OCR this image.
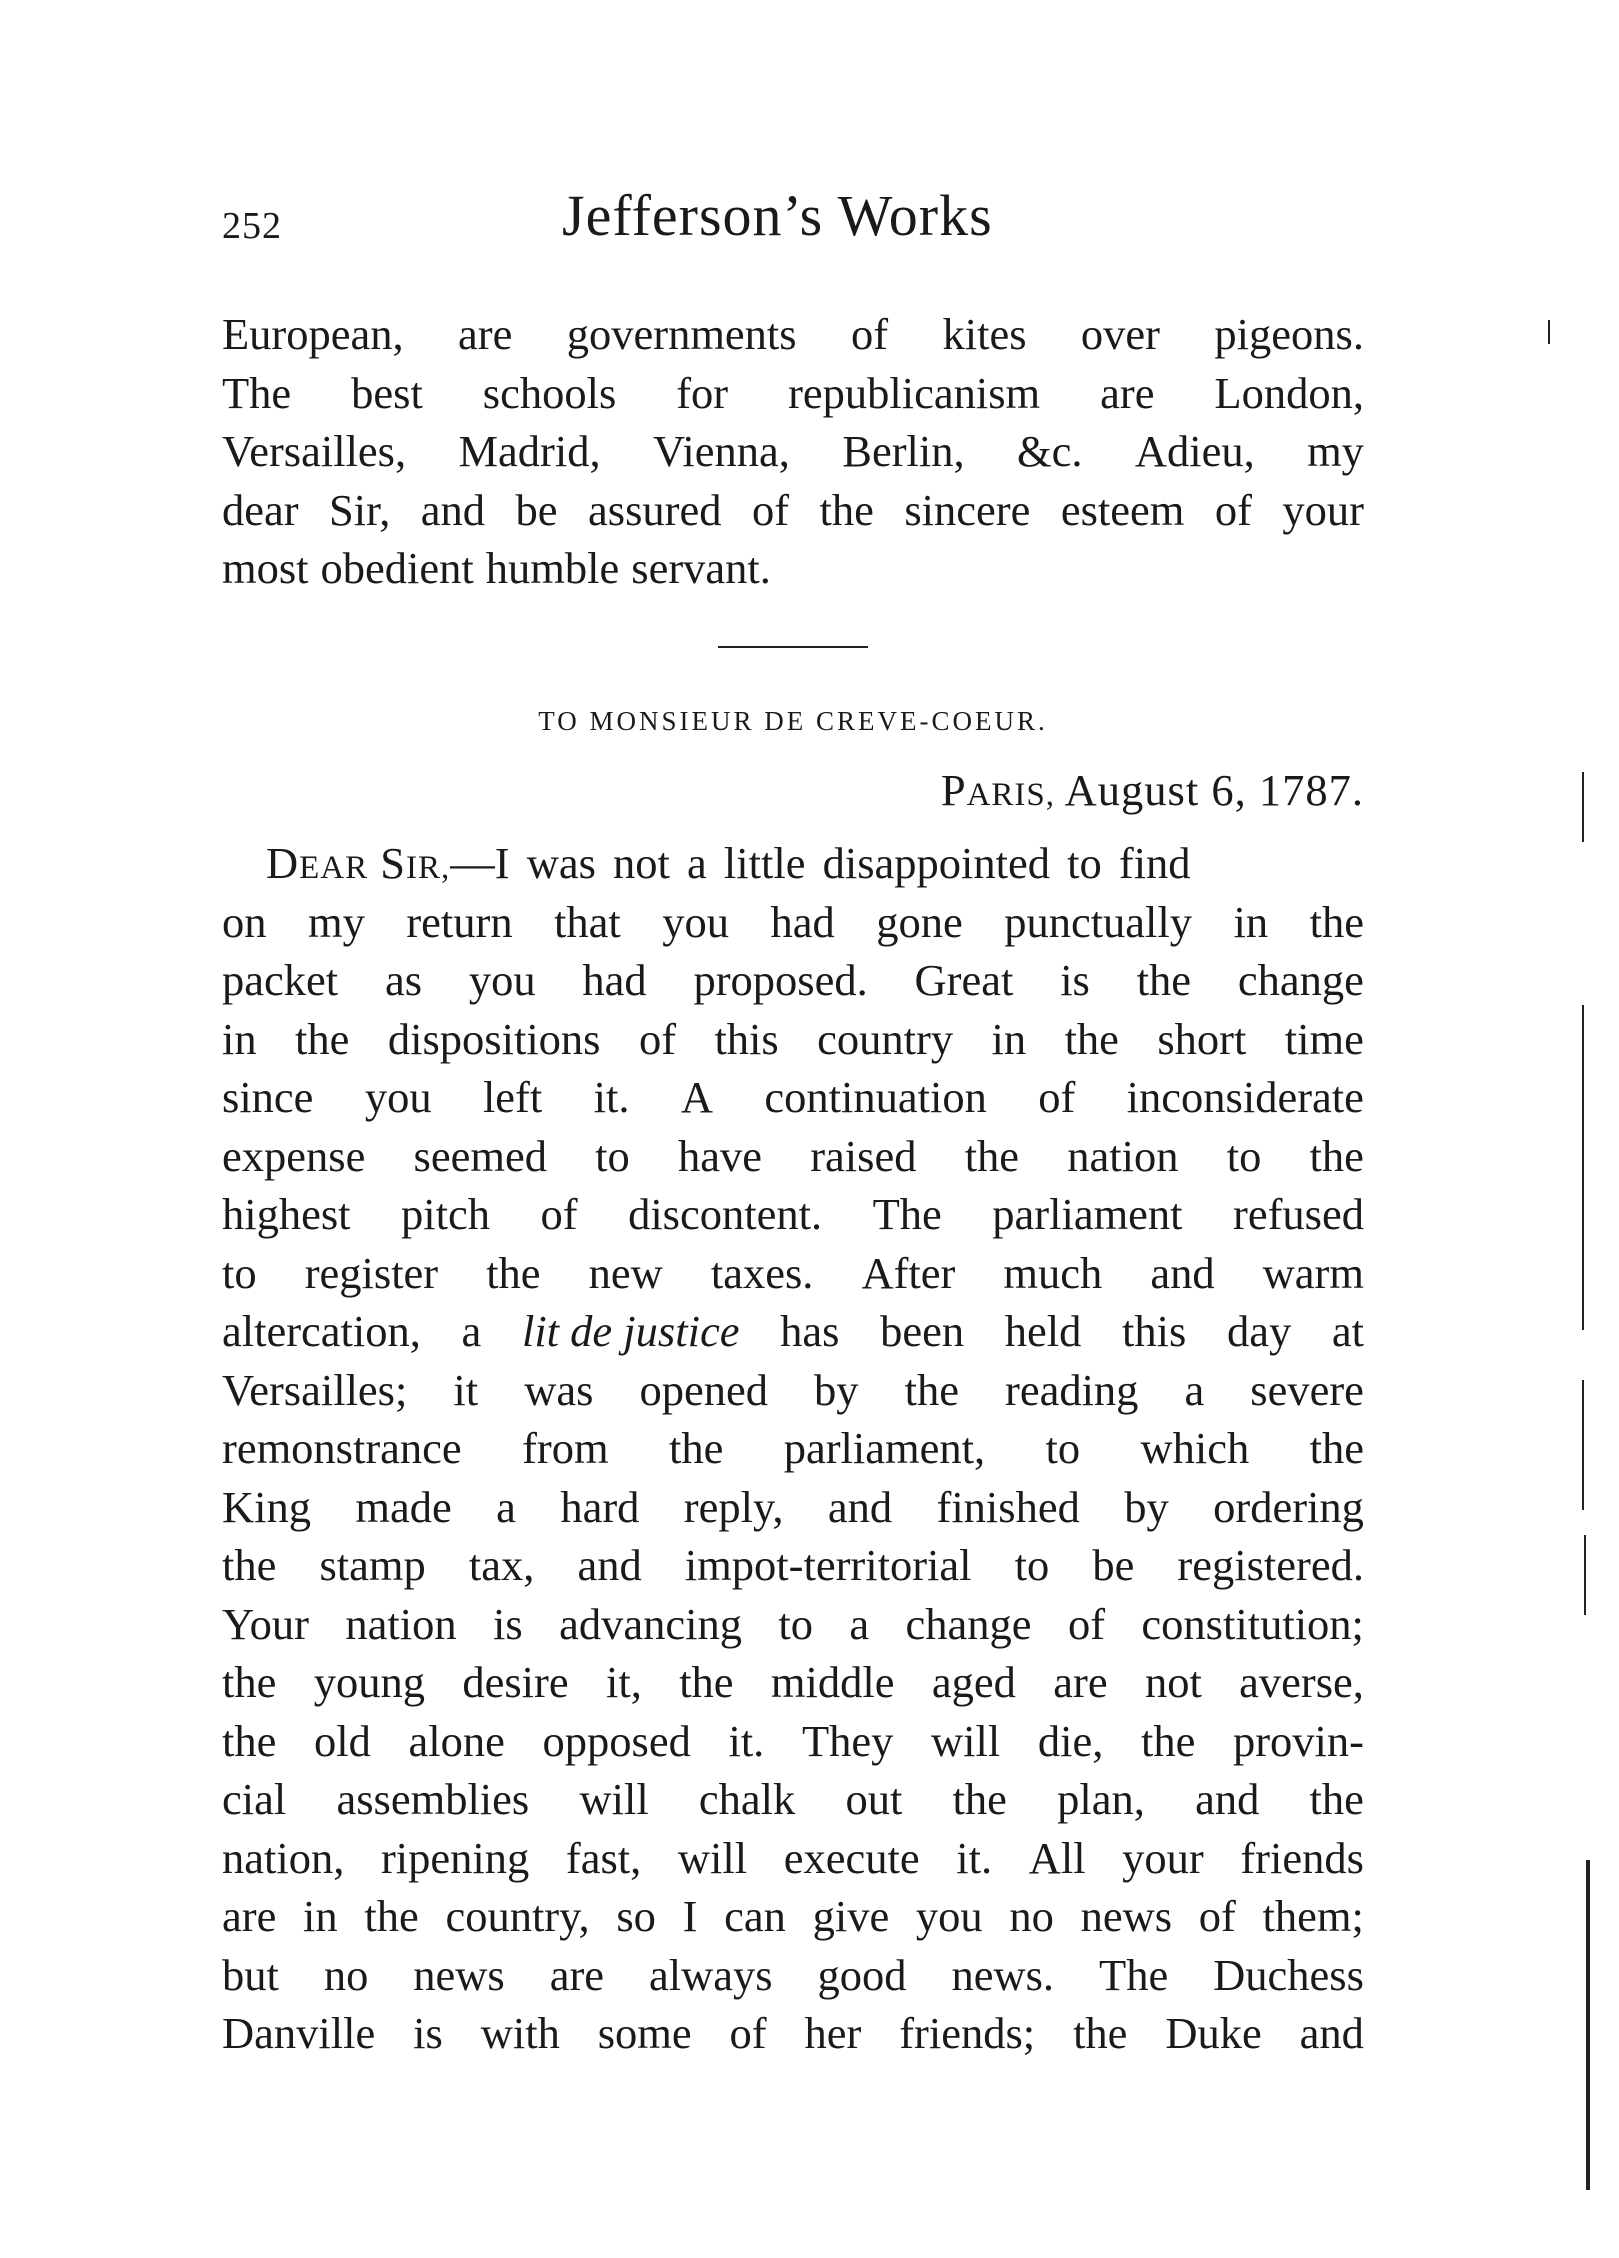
252	Jefferson’s Works
European, are governments of kites over pigeons.
The best schools for republicanism are London,
Versailles, Madrid, Vienna, Berlin, &c. Adieu, my
dear Sir, and be assured of the sincere esteem of your
most obedient humble servant.
TO MONSIEUR DE CREVE-COEUR.
PARIS, August 6, 1787.
DEAR SIR, —I was not a little disappointed to find
on my return that you had gone punctually in the
packet as you had proposed. Great is the change
in the dispositions of this country in the short time
since you left it. A continuation of inconsiderate
expense seemed to have raised the nation to the
highest pitch of discontent. The parliament refused
to register the new taxes. After much and warm
altercation, a lit de justice has been held this day at
Versailles; it was opened by the reading a severe
remonstrance from the parliament, to which the
King made a hard reply, and finished by ordering
the stamp tax, and impot-territorial to be registered.
Your nation is advancing to a change of constitution;
the young desire it, the middle aged are not averse,
the old alone opposed it. They will die, the provin-
cial assemblies will chalk out the plan, and the
nation, ripening fast, will execute it. All your friends
are in the country, so I can give you no news of them;
but no news are always good news. The Duchess
Danville is with some of her friends; the Duke and
